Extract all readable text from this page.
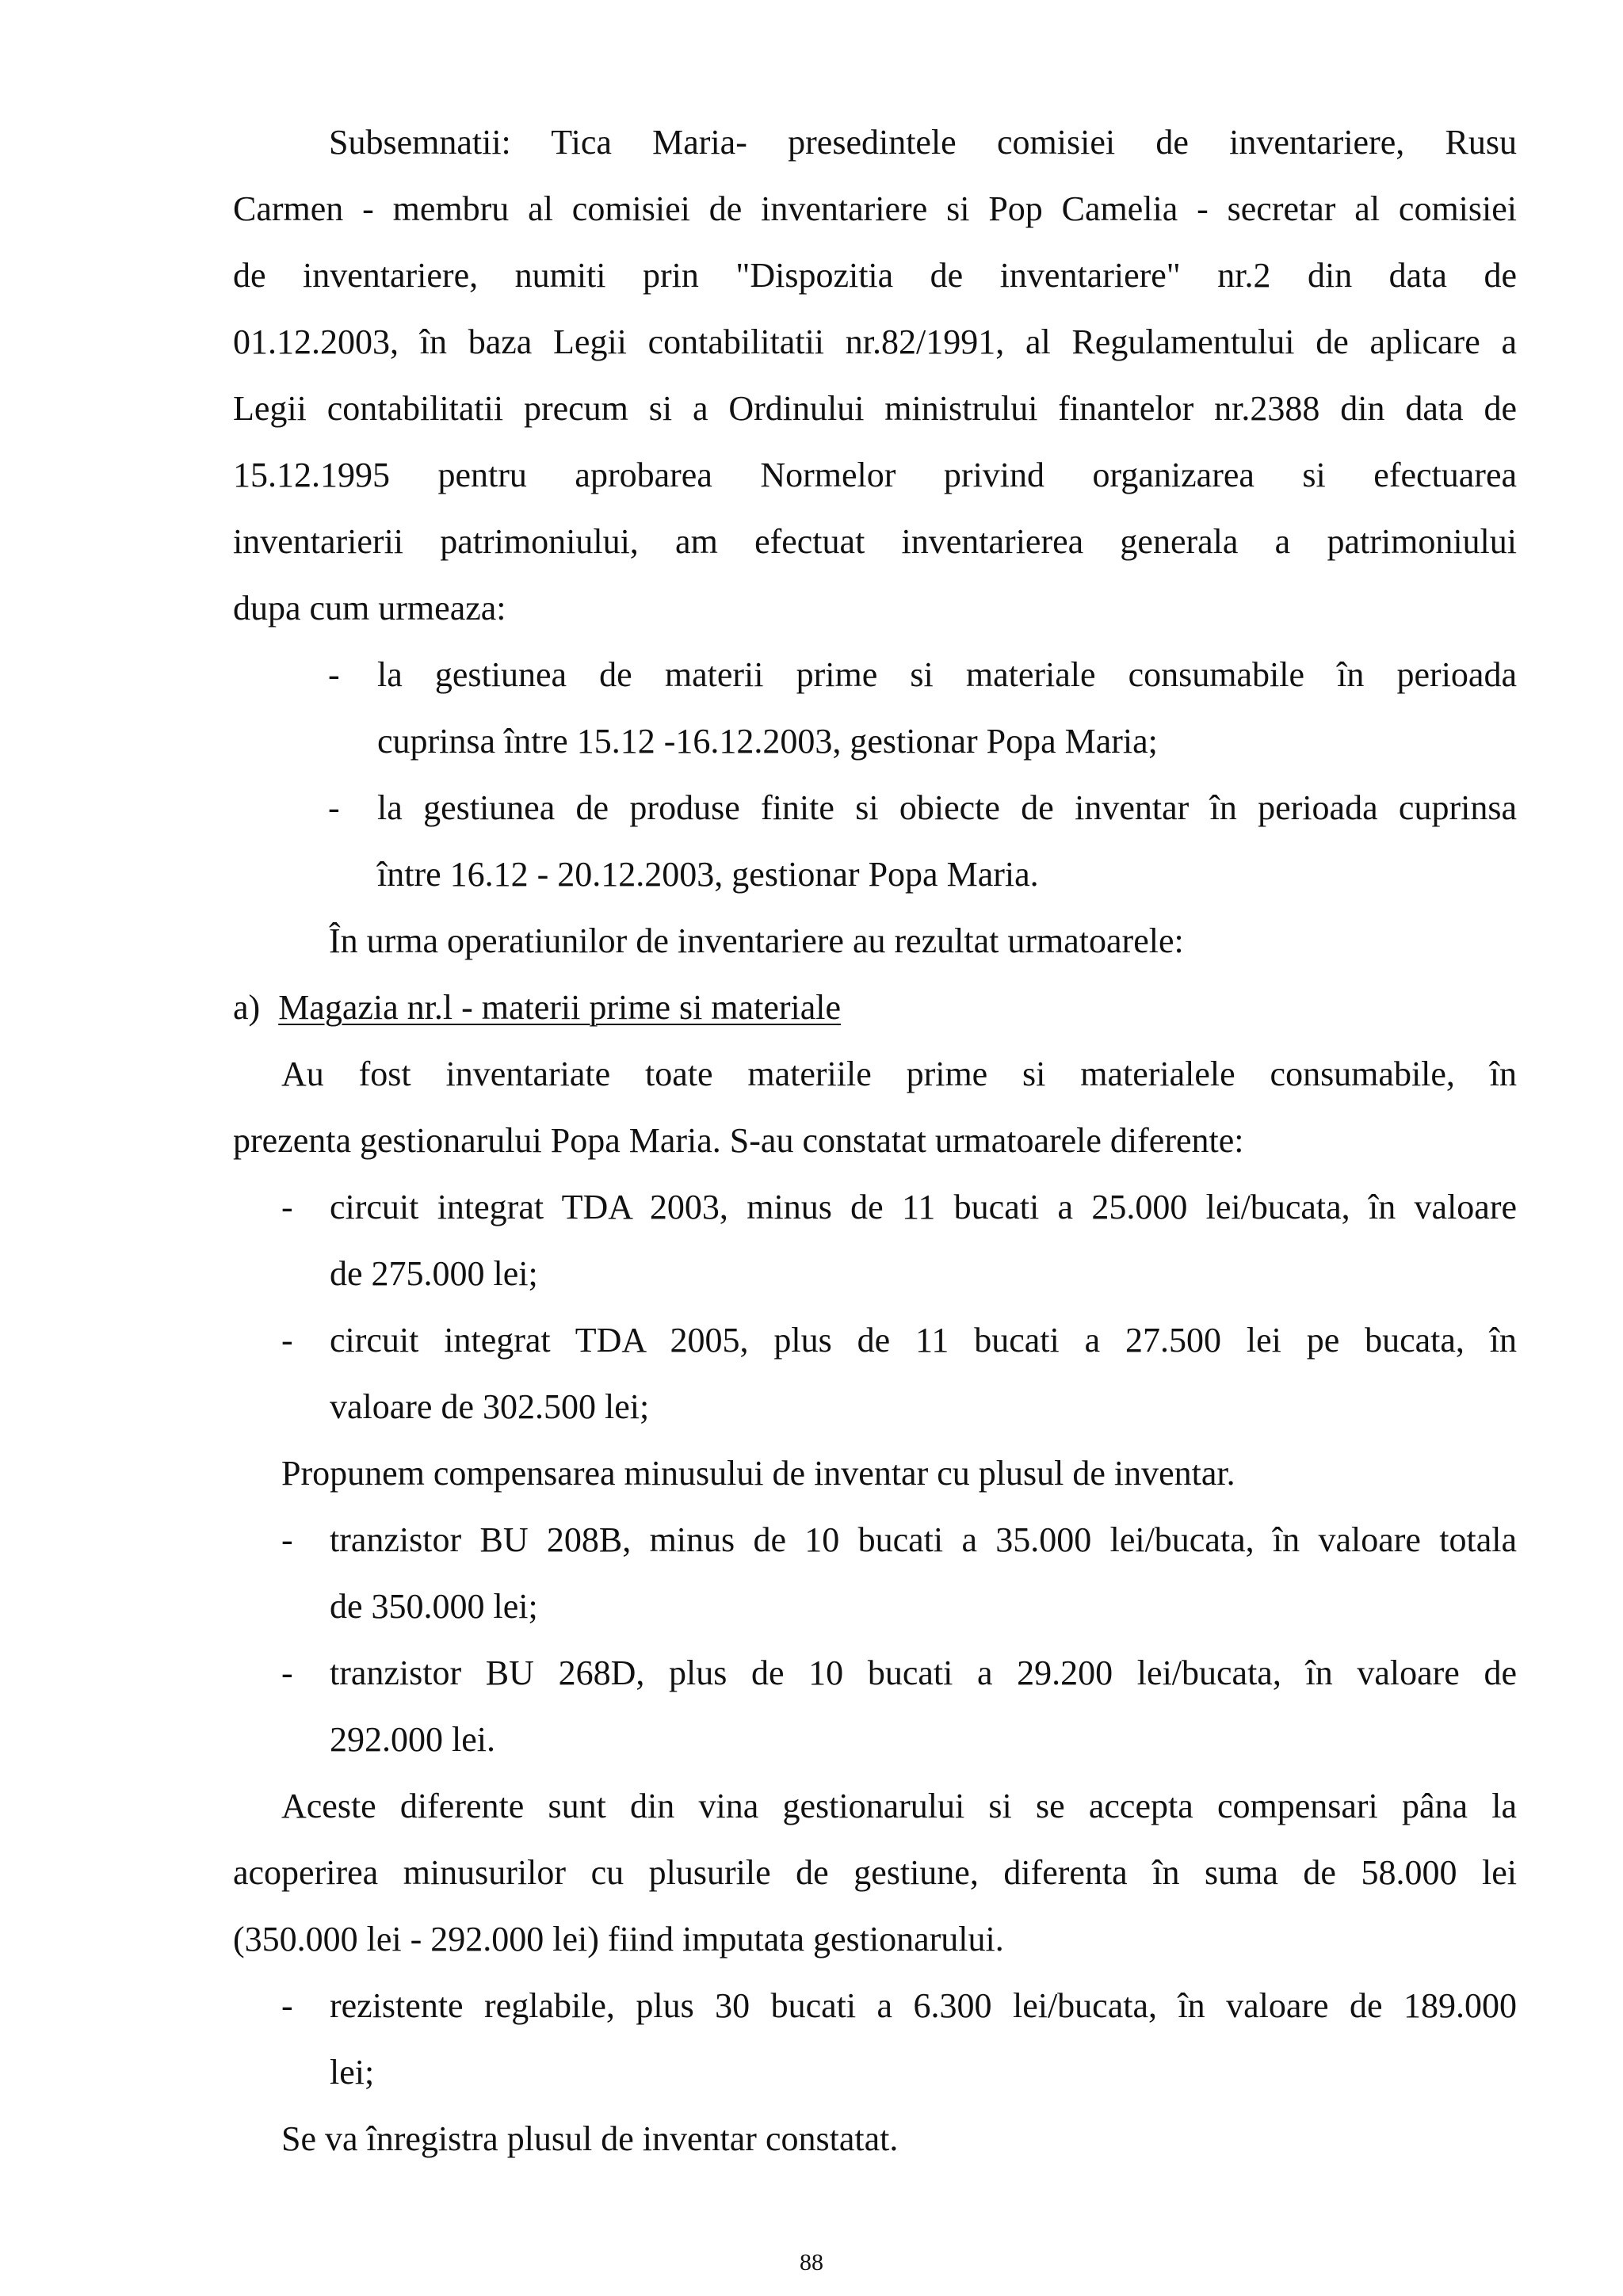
Subsemnatii: Tica Maria- presedintele comisiei de inventariere, Rusu
Carmen - membru al comisiei de inventariere si Pop Camelia - secretar al comisiei
de inventariere, numiti prin "Dispozitia de inventariere" nr.2 din data de
01.12.2003, în baza Legii contabilitatii nr.82/1991, al Regulamentului de aplicare a
Legii contabilitatii precum si a Ordinului ministrului finantelor nr.2388 din data de
15.12.1995 pentru aprobarea Normelor privind organizarea si efectuarea
inventarierii patrimoniului, am efectuat inventarierea generala a patrimoniului
dupa cum urmeaza:
-	la gestiunea de materii prime si materiale consumabile în perioada
cuprinsa între 15.12 -16.12.2003, gestionar Popa Maria;
-	la gestiunea de produse finite si obiecte de inventar în perioada cuprinsa
între 16.12 - 20.12.2003, gestionar Popa Maria.
În urma operatiunilor de inventariere au rezultat urmatoarele:
a) Magazia nr.l - materii prime si materiale
Au fost inventariate toate materiile prime si materialele consumabile, în
prezenta gestionarului Popa Maria. S-au constatat urmatoarele diferente:
-	circuit integrat TDA 2003, minus de 11 bucati a 25.000 lei/bucata, în valoare
de 275.000 lei;
-	circuit integrat TDA 2005, plus de 11 bucati a 27.500 lei pe bucata, în
valoare de 302.500 lei;
Propunem compensarea minusului de inventar cu plusul de inventar.
-	tranzistor BU 208B, minus de 10 bucati a 35.000 lei/bucata, în valoare totala
de 350.000 lei;
-	tranzistor BU 268D, plus de 10 bucati a 29.200 lei/bucata, în valoare de
292.000 lei.
Aceste diferente sunt din vina gestionarului si se accepta compensari pâna la
acoperirea minusurilor cu plusurile de gestiune, diferenta în suma de 58.000 lei
(350.000 lei - 292.000 lei) fiind imputata gestionarului.
-	rezistente reglabile, plus 30 bucati a 6.300 lei/bucata, în valoare de 189.000
lei;
Se va înregistra plusul de inventar constatat.
88
